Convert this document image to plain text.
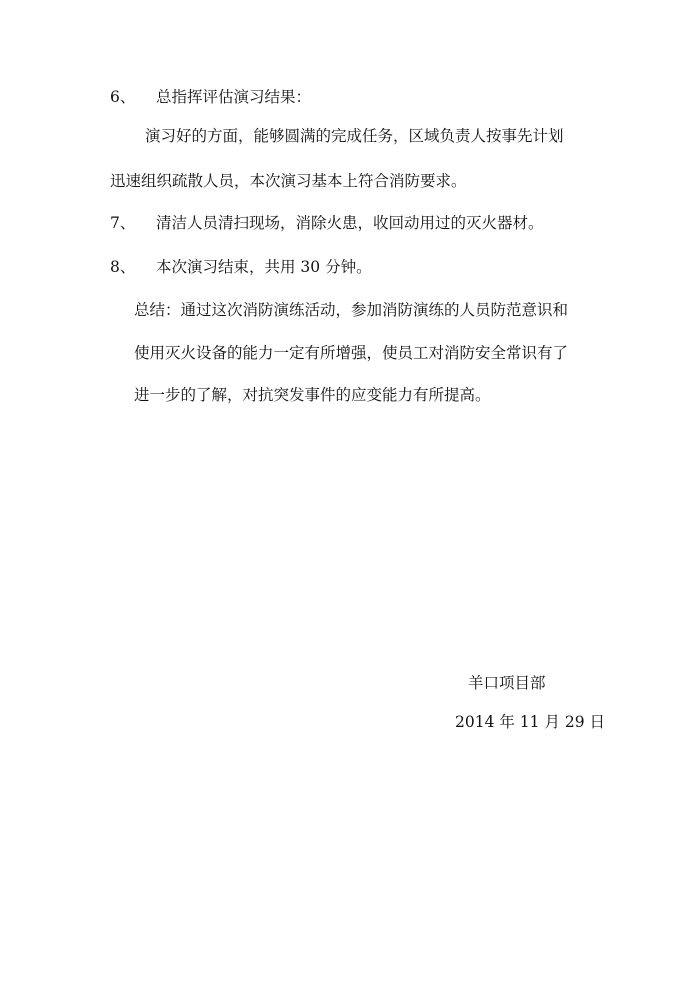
6、 总指挥评估演习结果：
演习好的方面，能够圆满的完成任务，区域负责人按事先计划
迅速组织疏散人员，本次演习基本上符合消防要求。
7、 清洁人员清扫现场，消除火患，收回动用过的灭火器材。
8、 本次演习结束，共用 30 分钟。
总结：通过这次消防演练活动，参加消防演练的人员防范意识和
使用灭火设备的能力一定有所增强，使员工对消防安全常识有了
进一步的了解，对抗突发事件的应变能力有所提高。
羊口项目部
2014 年 11 月 29 日
